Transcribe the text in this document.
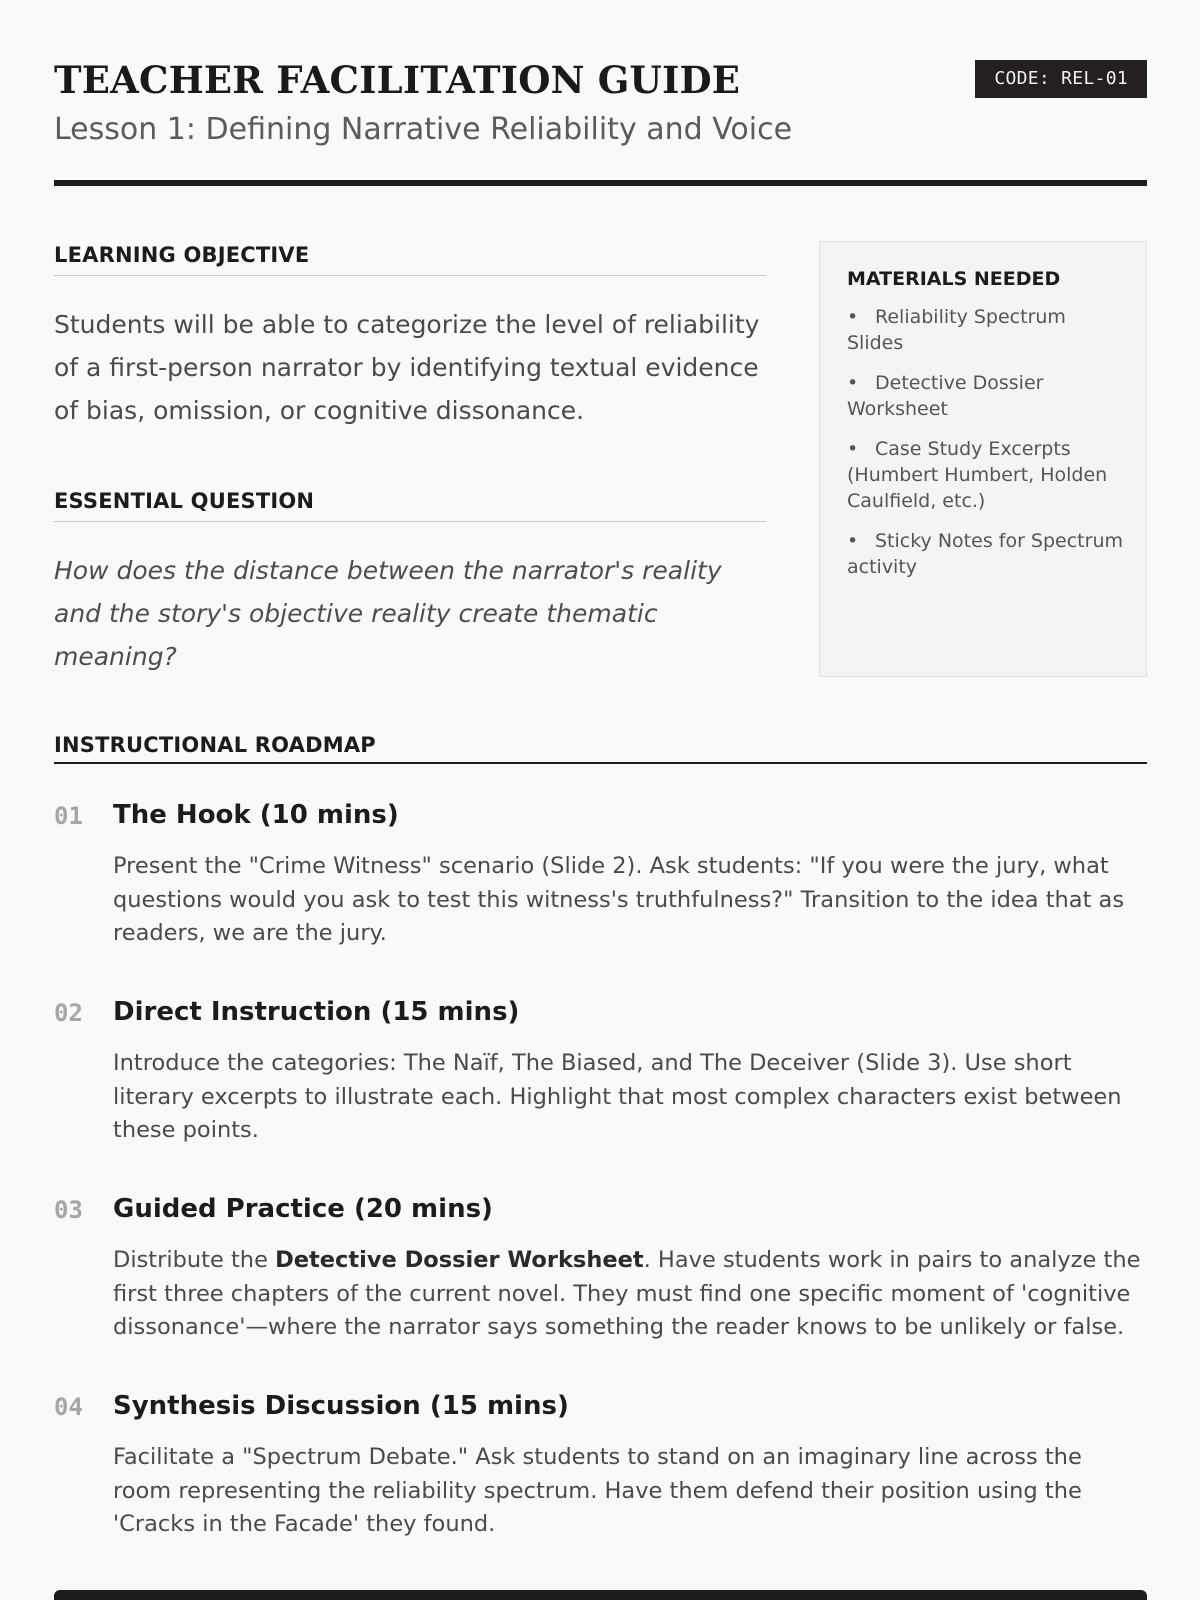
TEACHER FACILITATION GUIDE
Lesson 1: Defining Narrative Reliability and Voice
CODE: REL-01
LEARNING OBJECTIVE

Students will be able to categorize the level of reliability of a first-person narrator by identifying textual evidence of bias, omission, or cognitive dissonance.

ESSENTIAL QUESTION

How does the distance between the narrator's reality and the story's objective reality create thematic meaning?

MATERIALS NEEDED
• Reliability Spectrum Slides
• Detective Dossier Worksheet
• Case Study Excerpts (Humbert Humbert, Holden Caulfield, etc.)
• Sticky Notes for Spectrum activity
INSTRUCTIONAL ROADMAP
01 The Hook (10 mins)

Present the "Crime Witness" scenario (Slide 2). Ask students: "If you were the jury, what questions would you ask to test this witness's truthfulness?" Transition to the idea that as readers, we are the jury.

02 Direct Instruction (15 mins)

Introduce the categories: The Naïf, The Biased, and The Deceiver (Slide 3). Use short literary excerpts to illustrate each. Highlight that most complex characters exist between these points.

03 Guided Practice (20 mins)

Distribute the Detective Dossier Worksheet. Have students work in pairs to analyze the first three chapters of the current novel. They must find one specific moment of 'cognitive dissonance'—where the narrator says something the reader knows to be unlikely or false.

04 Synthesis Discussion (15 mins)

Facilitate a "Spectrum Debate." Ask students to stand on an imaginary line across the room representing the reliability spectrum. Have them defend their position using the 'Cracks in the Facade' they found.
